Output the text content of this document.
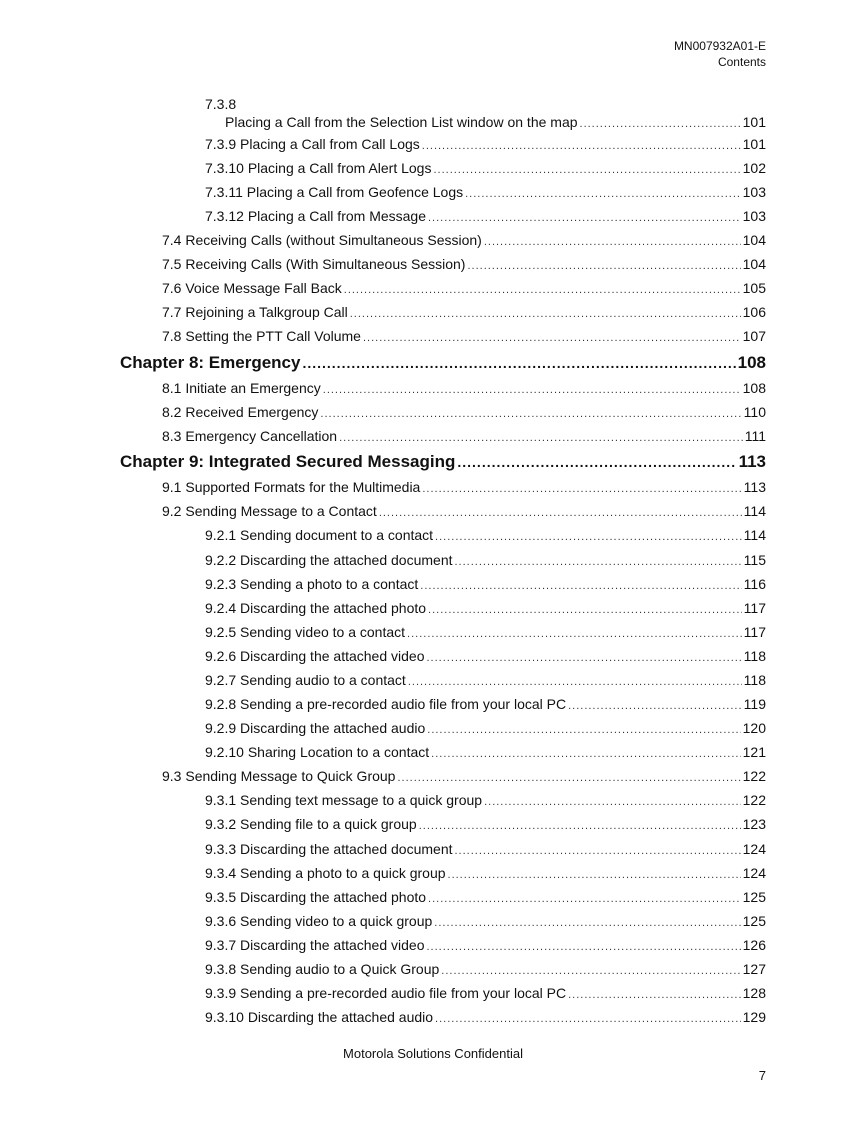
MN007932A01-E
Contents
7.3.8
Placing a Call from the Selection List window on the map .....	101
7.3.9 Placing a Call from Call Logs .....	101
7.3.10 Placing a Call from Alert Logs .....	102
7.3.11 Placing a Call from Geofence Logs .....	103
7.3.12 Placing a Call from Message .....	103
7.4 Receiving Calls (without Simultaneous Session) .....	104
7.5 Receiving Calls (With Simultaneous Session) .....	104
7.6 Voice Message Fall Back .....	105
7.7 Rejoining a Talkgroup Call .....	106
7.8 Setting the PTT Call Volume .....	107
Chapter 8: Emergency .....	108
8.1 Initiate an Emergency .....	108
8.2 Received Emergency .....	110
8.3 Emergency Cancellation .....	111
Chapter 9: Integrated Secured Messaging .....	113
9.1 Supported Formats for the Multimedia .....	113
9.2 Sending Message to a Contact .....	114
9.2.1 Sending document to a contact .....	114
9.2.2 Discarding the attached document .....	115
9.2.3 Sending a photo to a contact .....	116
9.2.4 Discarding the attached photo .....	117
9.2.5 Sending video to a contact .....	117
9.2.6 Discarding the attached video .....	118
9.2.7 Sending audio to a contact .....	118
9.2.8 Sending a pre-recorded audio file from your local PC .....	119
9.2.9 Discarding the attached audio .....	120
9.2.10 Sharing Location to a contact .....	121
9.3 Sending Message to Quick Group .....	122
9.3.1 Sending text message to a quick group .....	122
9.3.2 Sending file to a quick group .....	123
9.3.3 Discarding the attached document .....	124
9.3.4 Sending a photo to a quick group .....	124
9.3.5 Discarding the attached photo .....	125
9.3.6 Sending video to a quick group .....	125
9.3.7 Discarding the attached video .....	126
9.3.8 Sending audio to a Quick Group .....	127
9.3.9 Sending a pre-recorded audio file from your local PC .....	128
9.3.10 Discarding the attached audio .....	129
Motorola Solutions Confidential
7
